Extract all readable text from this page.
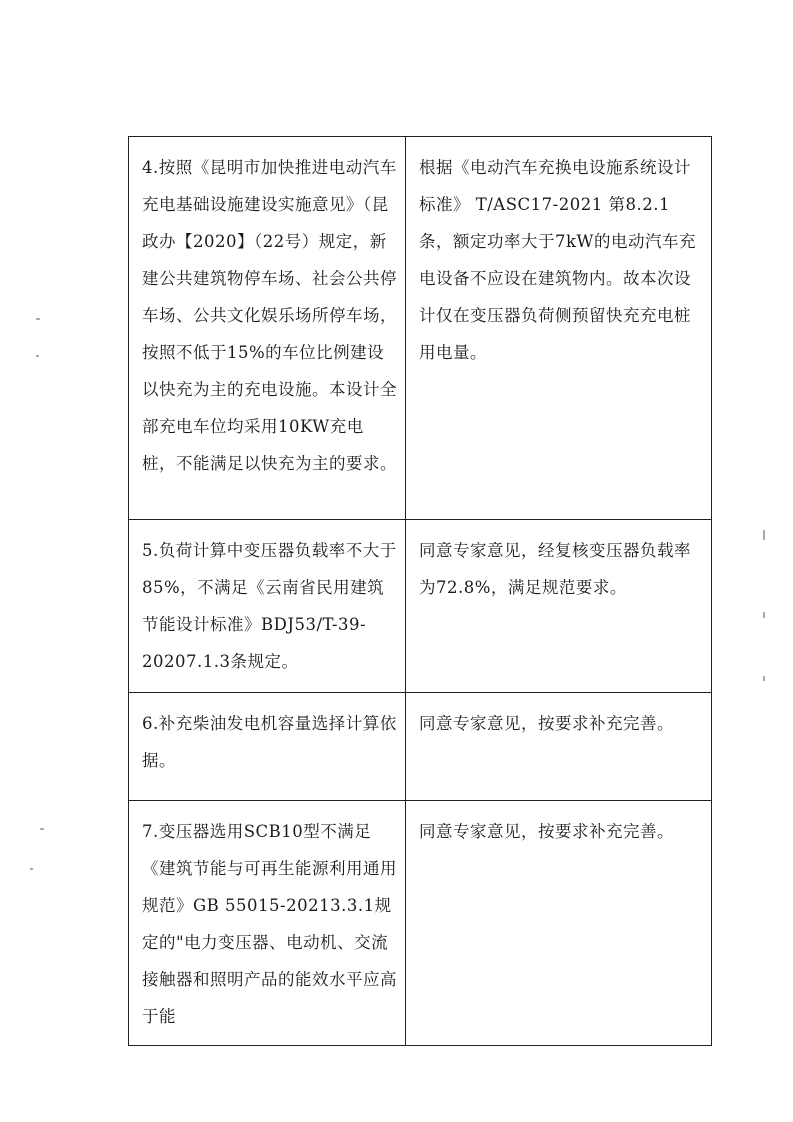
4.按照《昆明市加快推进电动汽车充电基础设施建设实施意见》（昆政办【2020】（22号）规定，新建公共建筑物停车场、社会公共停车场、公共文化娱乐场所停车场，按照不低于15%的车位比例建设以快充为主的充电设施。本设计全部充电车位均采用10KW充电桩，不能满足以快充为主的要求。	根据《电动汽车充换电设施系统设计标准》 T/ASC17-2021 第8.2.1条，额定功率大于7kW的电动汽车充电设备不应设在建筑物内。故本次设计仅在变压器负荷侧预留快充充电桩用电量。
5.负荷计算中变压器负载率不大于85%，不满足《云南省民用建筑节能设计标准》BDJ53/T-39-20207.1.3条规定。	同意专家意见，经复核变压器负载率为72.8%，满足规范要求。
6.补充柴油发电机容量选择计算依据。	同意专家意见，按要求补充完善。
7.变压器选用SCB10型不满足《建筑节能与可再生能源利用通用规范》GB 55015-20213.3.1规定的"电力变压器、电动机、交流接触器和照明产品的能效水平应高于能	同意专家意见，按要求补充完善。
